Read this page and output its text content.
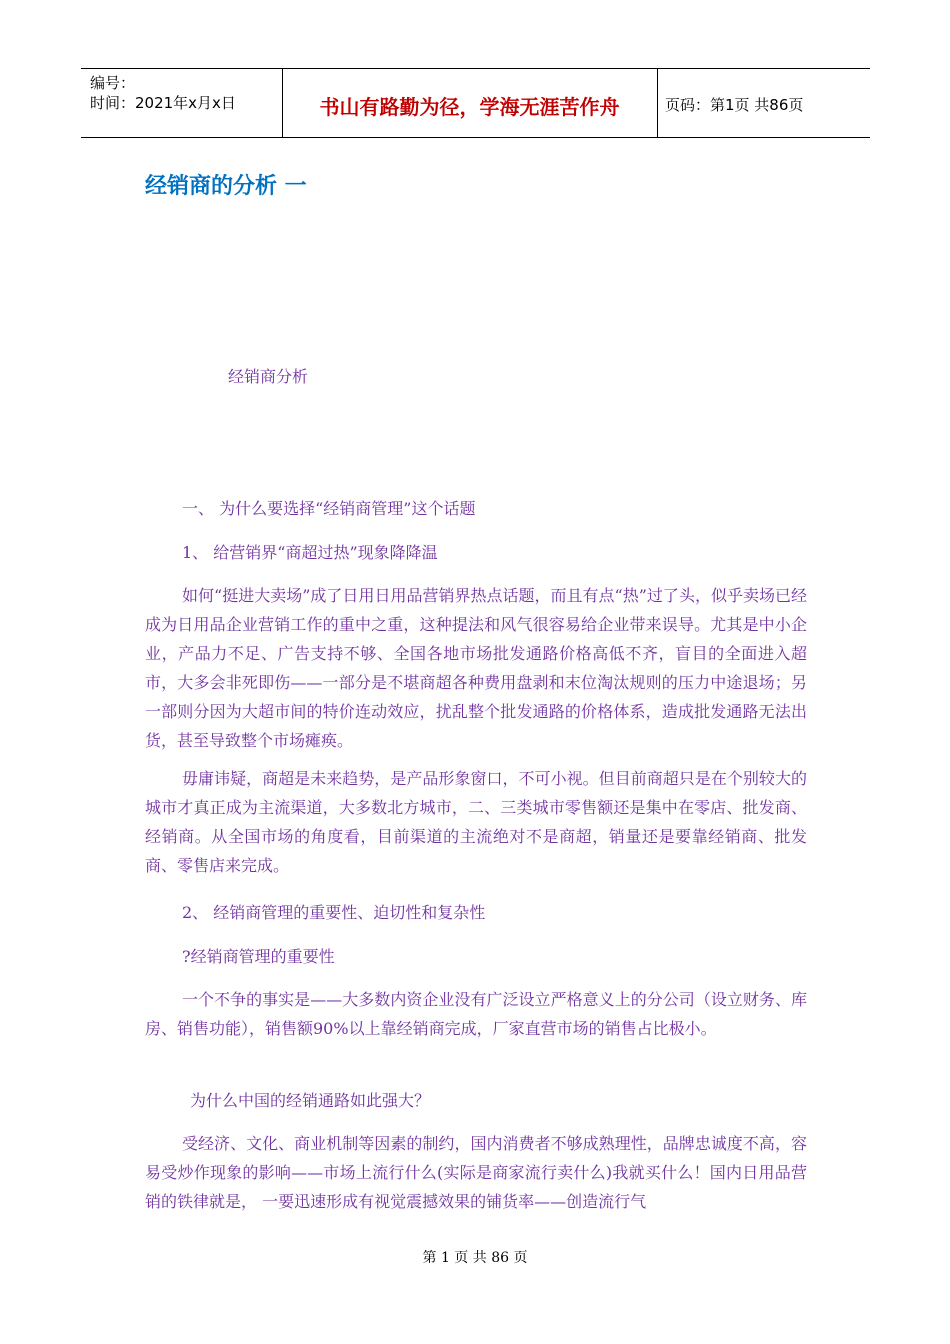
编号：
时间：2021年x月x日	书山有路勤为径，学海无涯苦作舟	页码：第1页 共86页
经销商的分析 一
经销商分析
一、 为什么要选择“经销商管理”这个话题
1、 给营销界“商超过热”现象降降温

如何“挺进大卖场”成了日用日用品营销界热点话题，而且有点“热”过了头，似乎卖场已经成为日用品企业营销工作的重中之重，这种提法和风气很容易给企业带来误导。尤其是中小企业，产品力不足、广告支持不够、全国各地市场批发通路价格高低不齐，盲目的全面进入超市，大多会非死即伤——一部分是不堪商超各种费用盘剥和末位淘汰规则的压力中途退场；另一部则分因为大超市间的特价连动效应，扰乱整个批发通路的价格体系，造成批发通路无法出货，甚至导致整个市场瘫痪。

毋庸讳疑，商超是未来趋势，是产品形象窗口，不可小视。但目前商超只是在个别较大的城市才真正成为主流渠道，大多数北方城市，二、三类城市零售额还是集中在零店、批发商、经销商。从全国市场的角度看，目前渠道的主流绝对不是商超，销量还是要靠经销商、批发商、零售店来完成。

2、 经销商管理的重要性、迫切性和复杂性
?经销商管理的重要性

一个不争的事实是——大多数内资企业没有广泛设立严格意义上的分公司（设立财务、库房、销售功能），销售额90%以上靠经销商完成，厂家直营市场的销售占比极小。

为什么中国的经销通路如此强大？

受经济、文化、商业机制等因素的制约，国内消费者不够成熟理性，品牌忠诚度不高，容易受炒作现象的影响——市场上流行什么(实际是商家流行卖什么)我就买什么！国内日用品营销的铁律就是， 一要迅速形成有视觉震撼效果的铺货率——创造流行气

第 1 页 共 86 页
